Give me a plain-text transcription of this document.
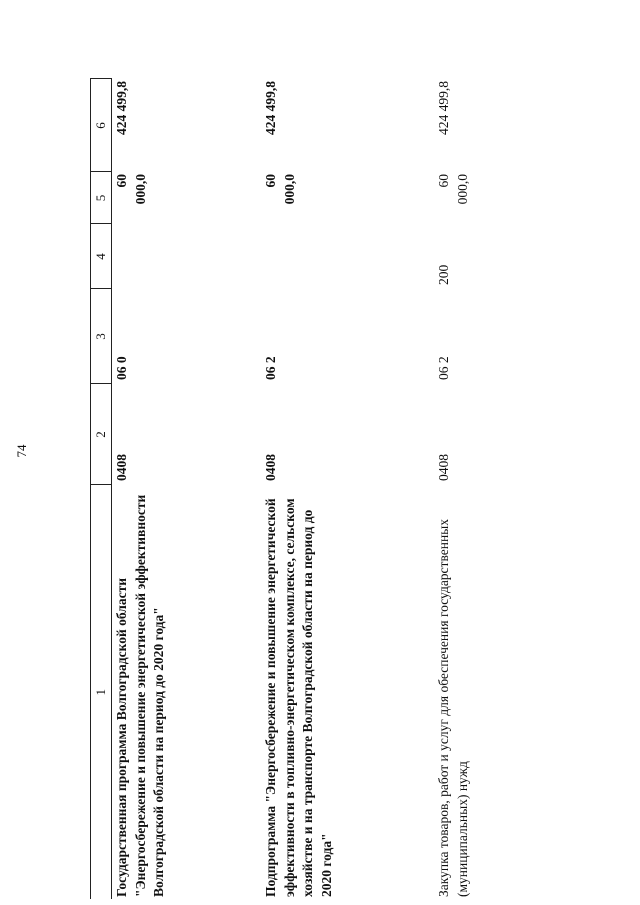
74
1	2	3	4	5	6
Государственная программа Волгоградской области "Энергосбережение и повышение энергетической эффективности Волгоградской области на период до 2020 года"	0408	06 0		60 000,0	424 499,8
Подпрограмма "Энергосбережение и повышение энергетической эффективности в топливно-энергетическом комплексе, сельском хозяйстве и на транспорте Волгоградской области на период до 2020 года"	0408	06 2		60 000,0	424 499,8
Закупка товаров, работ и услуг для обеспечения государственных (муниципальных) нужд	0408	06 2	200	60 000,0	424 499,8
